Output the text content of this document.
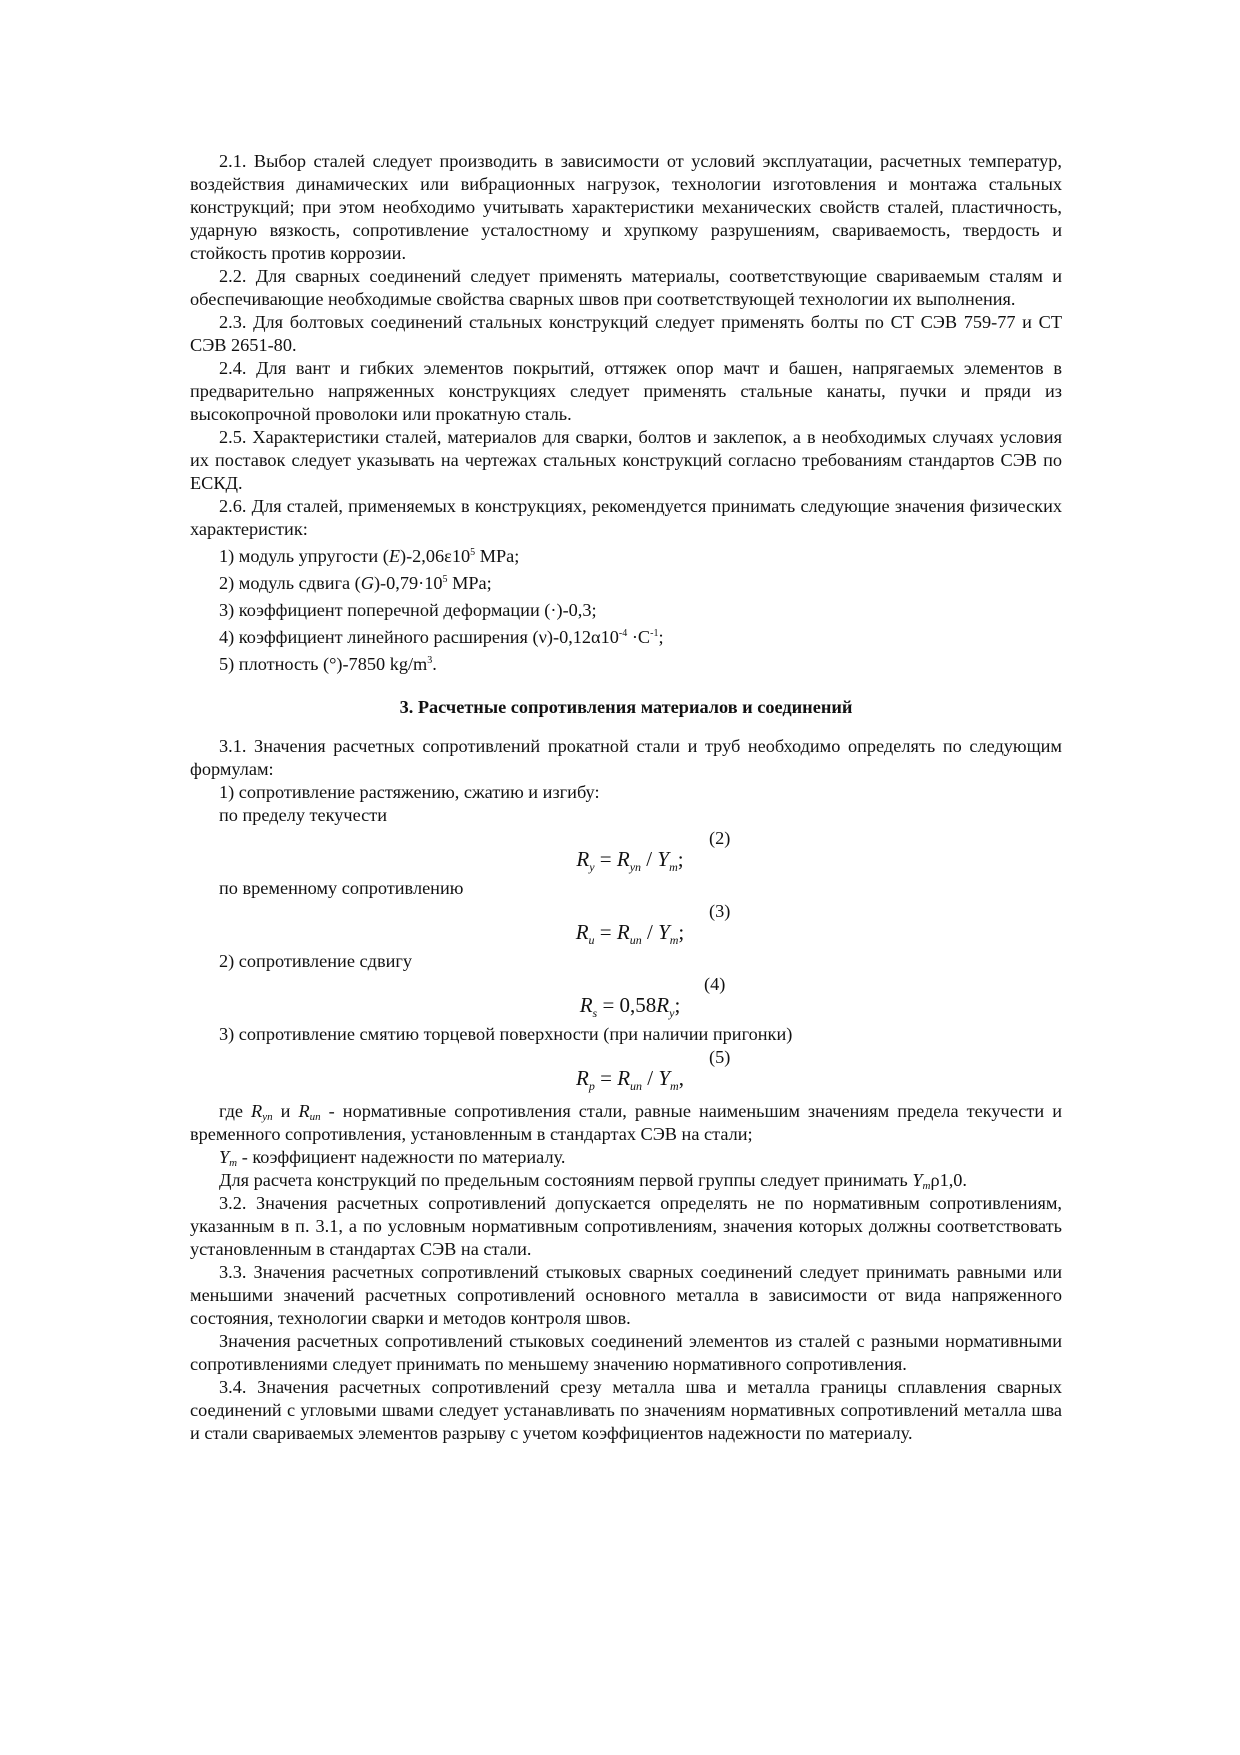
2.1. Выбор сталей следует производить в зависимости от условий эксплуатации, расчетных температур, воздействия динамических или вибрационных нагрузок, технологии изготовления и монтажа стальных конструкций; при этом необходимо учитывать характеристики механических свойств сталей, пластичность, ударную вязкость, сопротивление усталостному и хрупкому разрушениям, свариваемость, твердость и стойкость против коррозии.

2.2. Для сварных соединений следует применять материалы, соответствующие свариваемым сталям и обеспечивающие необходимые свойства сварных швов при соответствующей технологии их выполнения.

2.3. Для болтовых соединений стальных конструкций следует применять болты по СТ СЭВ 759-77 и СТ СЭВ 2651-80.

2.4. Для вант и гибких элементов покрытий, оттяжек опор мачт и башен, напрягаемых элементов в предварительно напряженных конструкциях следует применять стальные канаты, пучки и пряди из высокопрочной проволоки или прокатную сталь.

2.5. Характеристики сталей, материалов для сварки, болтов и заклепок, а в необходимых случаях условия их поставок следует указывать на чертежах стальных конструкций согласно требованиям стандартов СЭВ по ЕСКД.

2.6. Для сталей, применяемых в конструкциях, рекомендуется принимать следующие значения физических характеристик:

1) модуль упругости $(E)-2,06\varepsilon 10^5$ MPa;
2) модуль сдвига $(G)-0,79\cdot 10^5$ MPa;
3) коэффициент поперечной деформации (·)-0,3;
4) коэффициент линейного расширения $(\nu)-0,12\alpha 10^{-4} \cdot С^{-1}$;
5) плотность (°)-7850 $kg/m^3$.
3. Расчетные сопротивления материалов и соединений

3.1. Значения расчетных сопротивлений прокатной стали и труб необходимо определять по следующим формулам:

1) сопротивление растяжению, сжатию и изгибу:
по пределу текучести
(2)
$R_y = R_{yn} / Y_m$;
по временному сопротивлению
(3)
$R_u = R_{un} / Y_m$;
2) сопротивление сдвигу
(4)
$R_s = 0,58R_y$;
3) сопротивление смятию торцевой поверхности (при наличии пригонки)
(5)
$R_p = R_{un} / Y_m$,

где $R_{yn}$ и $R_{un}$ - нормативные сопротивления стали, равные наименьшим значениям предела текучести и временного сопротивления, установленным в стандартах СЭВ на стали;

$Y_m$ - коэффициент надежности по материалу.

Для расчета конструкций по предельным состояниям первой группы следует принимать $Y_m\rho 1,0$.

3.2. Значения расчетных сопротивлений допускается определять не по нормативным сопротивлениям, указанным в п. 3.1, а по условным нормативным сопротивлениям, значения которых должны соответствовать установленным в стандартах СЭВ на стали.

3.3. Значения расчетных сопротивлений стыковых сварных соединений следует принимать равными или меньшими значений расчетных сопротивлений основного металла в зависимости от вида напряженного состояния, технологии сварки и методов контроля швов.

Значения расчетных сопротивлений стыковых соединений элементов из сталей с разными нормативными сопротивлениями следует принимать по меньшему значению нормативного сопротивления.

3.4. Значения расчетных сопротивлений срезу металла шва и металла границы сплавления сварных соединений с угловыми швами следует устанавливать по значениям нормативных сопротивлений металла шва и стали свариваемых элементов разрыву с учетом коэффициентов надежности по материалу.
